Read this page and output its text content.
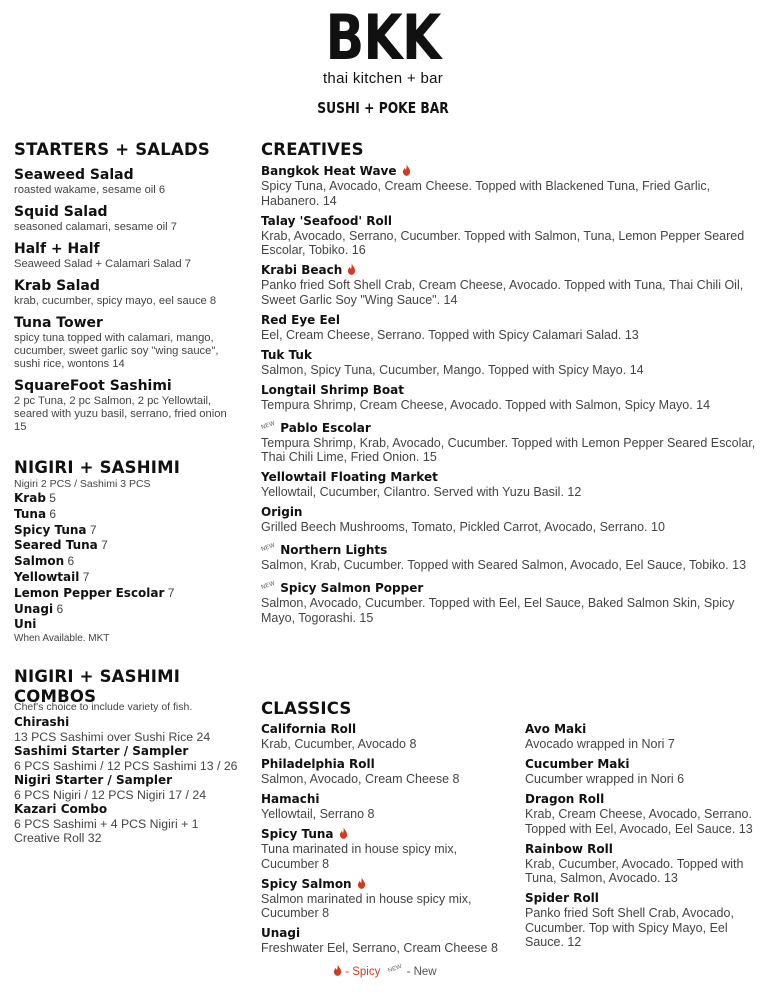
BKK
thai kitchen + bar
SUSHI + POKE BAR
STARTERS + SALADS
Seaweed Salad
roasted wakame, sesame oil 6
Squid Salad
seasoned calamari, sesame oil 7
Half + Half
Seaweed Salad + Calamari Salad 7
Krab Salad
krab, cucumber, spicy mayo, eel sauce 8
Tuna Tower
spicy tuna topped with calamari, mango, cucumber, sweet garlic soy "wing sauce", sushi rice, wontons 14
SquareFoot Sashimi
2 pc Tuna, 2 pc Salmon, 2 pc Yellowtail, seared with yuzu basil, serrano, fried onion 15
NIGIRI + SASHIMI
Nigiri 2 PCS / Sashimi 3 PCS
Krab 5
Tuna 6
Spicy Tuna 7
Seared Tuna 7
Salmon 6
Yellowtail 7
Lemon Pepper Escolar 7
Unagi 6
Uni
When Available. MKT
NIGIRI + SASHIMI COMBOS
Chef's choice to include variety of fish.
Chirashi
13 PCS Sashimi over Sushi Rice 24
Sashimi Starter / Sampler
6 PCS Sashimi / 12 PCS Sashimi 13 / 26
Nigiri Starter / Sampler
6 PCS Nigiri / 12 PCS Nigiri 17 / 24
Kazari Combo
6 PCS Sashimi + 4 PCS Nigiri + 1 Creative Roll 32
CREATIVES
Bangkok Heat Wave
Spicy Tuna, Avocado, Cream Cheese. Topped with Blackened Tuna, Fried Garlic, Habanero. 14
Talay 'Seafood' Roll
Krab, Avocado, Serrano, Cucumber. Topped with Salmon, Tuna, Lemon Pepper Seared Escolar, Tobiko. 16
Krabi Beach
Panko fried Soft Shell Crab, Cream Cheese, Avocado. Topped with Tuna, Thai Chili Oil, Sweet Garlic Soy "Wing Sauce". 14
Red Eye Eel
Eel, Cream Cheese, Serrano. Topped with Spicy Calamari Salad. 13
Tuk Tuk
Salmon, Spicy Tuna, Cucumber, Mango. Topped with Spicy Mayo. 14
Longtail Shrimp Boat
Tempura Shrimp, Cream Cheese, Avocado. Topped with Salmon, Spicy Mayo. 14
NEW Pablo Escolar
Tempura Shrimp, Krab, Avocado, Cucumber. Topped with Lemon Pepper Seared Escolar, Thai Chili Lime, Fried Onion. 15
Yellowtail Floating Market
Yellowtail, Cucumber, Cilantro. Served with Yuzu Basil. 12
Origin
Grilled Beech Mushrooms, Tomato, Pickled Carrot, Avocado, Serrano. 10
NEW Northern Lights
Salmon, Krab, Cucumber. Topped with Seared Salmon, Avocado, Eel Sauce, Tobiko. 13
NEW Spicy Salmon Popper
Salmon, Avocado, Cucumber. Topped with Eel, Eel Sauce, Baked Salmon Skin, Spicy Mayo, Togorashi. 15
CLASSICS
California Roll
Krab, Cucumber, Avocado 8
Philadelphia Roll
Salmon, Avocado, Cream Cheese 8
Hamachi
Yellowtail, Serrano 8
Spicy Tuna
Tuna marinated in house spicy mix, Cucumber 8
Spicy Salmon
Salmon marinated in house spicy mix, Cucumber 8
Unagi
Freshwater Eel, Serrano, Cream Cheese 8
Avo Maki
Avocado wrapped in Nori 7
Cucumber Maki
Cucumber wrapped in Nori 6
Dragon Roll
Krab, Cream Cheese, Avocado, Serrano. Topped with Eel, Avocado, Eel Sauce. 13
Rainbow Roll
Krab, Cucumber, Avocado. Topped with Tuna, Salmon, Avocado. 13
Spider Roll
Panko fried Soft Shell Crab, Avocado, Cucumber. Top with Spicy Mayo, Eel Sauce. 12
- Spicy NEW - New
